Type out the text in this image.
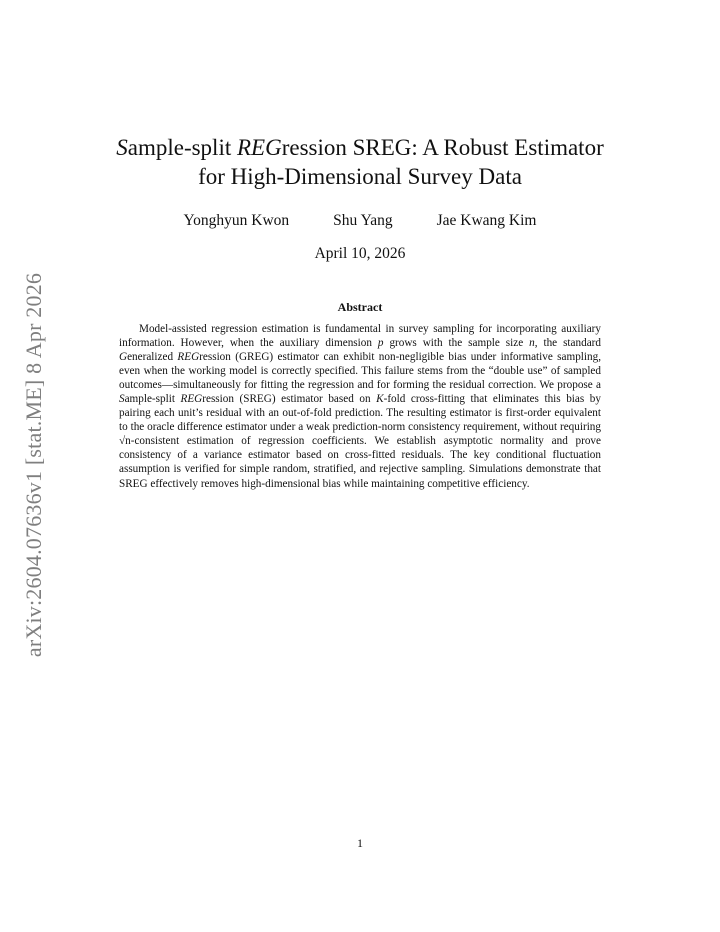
arXiv:2604.07636v1 [stat.ME] 8 Apr 2026
Sample-split REGression SREG: A Robust Estimator
for High-Dimensional Survey Data
Yonghyun Kwon	Shu Yang	Jae Kwang Kim
April 10, 2026
Abstract

Model-assisted regression estimation is fundamental in survey sampling for incorporating auxiliary information. However, when the auxiliary dimension p grows with the sample size n, the standard Generalized REGression (GREG) estimator can exhibit non-negligible bias under informative sampling, even when the working model is correctly specified. This failure stems from the “double use” of sampled outcomes—simultaneously for fitting the regression and for forming the residual correction. We propose a Sample-split REGression (SREG) estimator based on K-fold cross-fitting that eliminates this bias by pairing each unit’s residual with an out-of-fold prediction. The resulting estimator is first-order equivalent to the oracle difference estimator under a weak prediction-norm consistency requirement, without requiring √n-consistent estimation of regression coefficients. We establish asymptotic normality and prove consistency of a variance estimator based on cross-fitted residuals. The key conditional fluctuation assumption is verified for simple random, stratified, and rejective sampling. Simulations demonstrate that SREG effectively removes high-dimensional bias while maintaining competitive efficiency.

1
